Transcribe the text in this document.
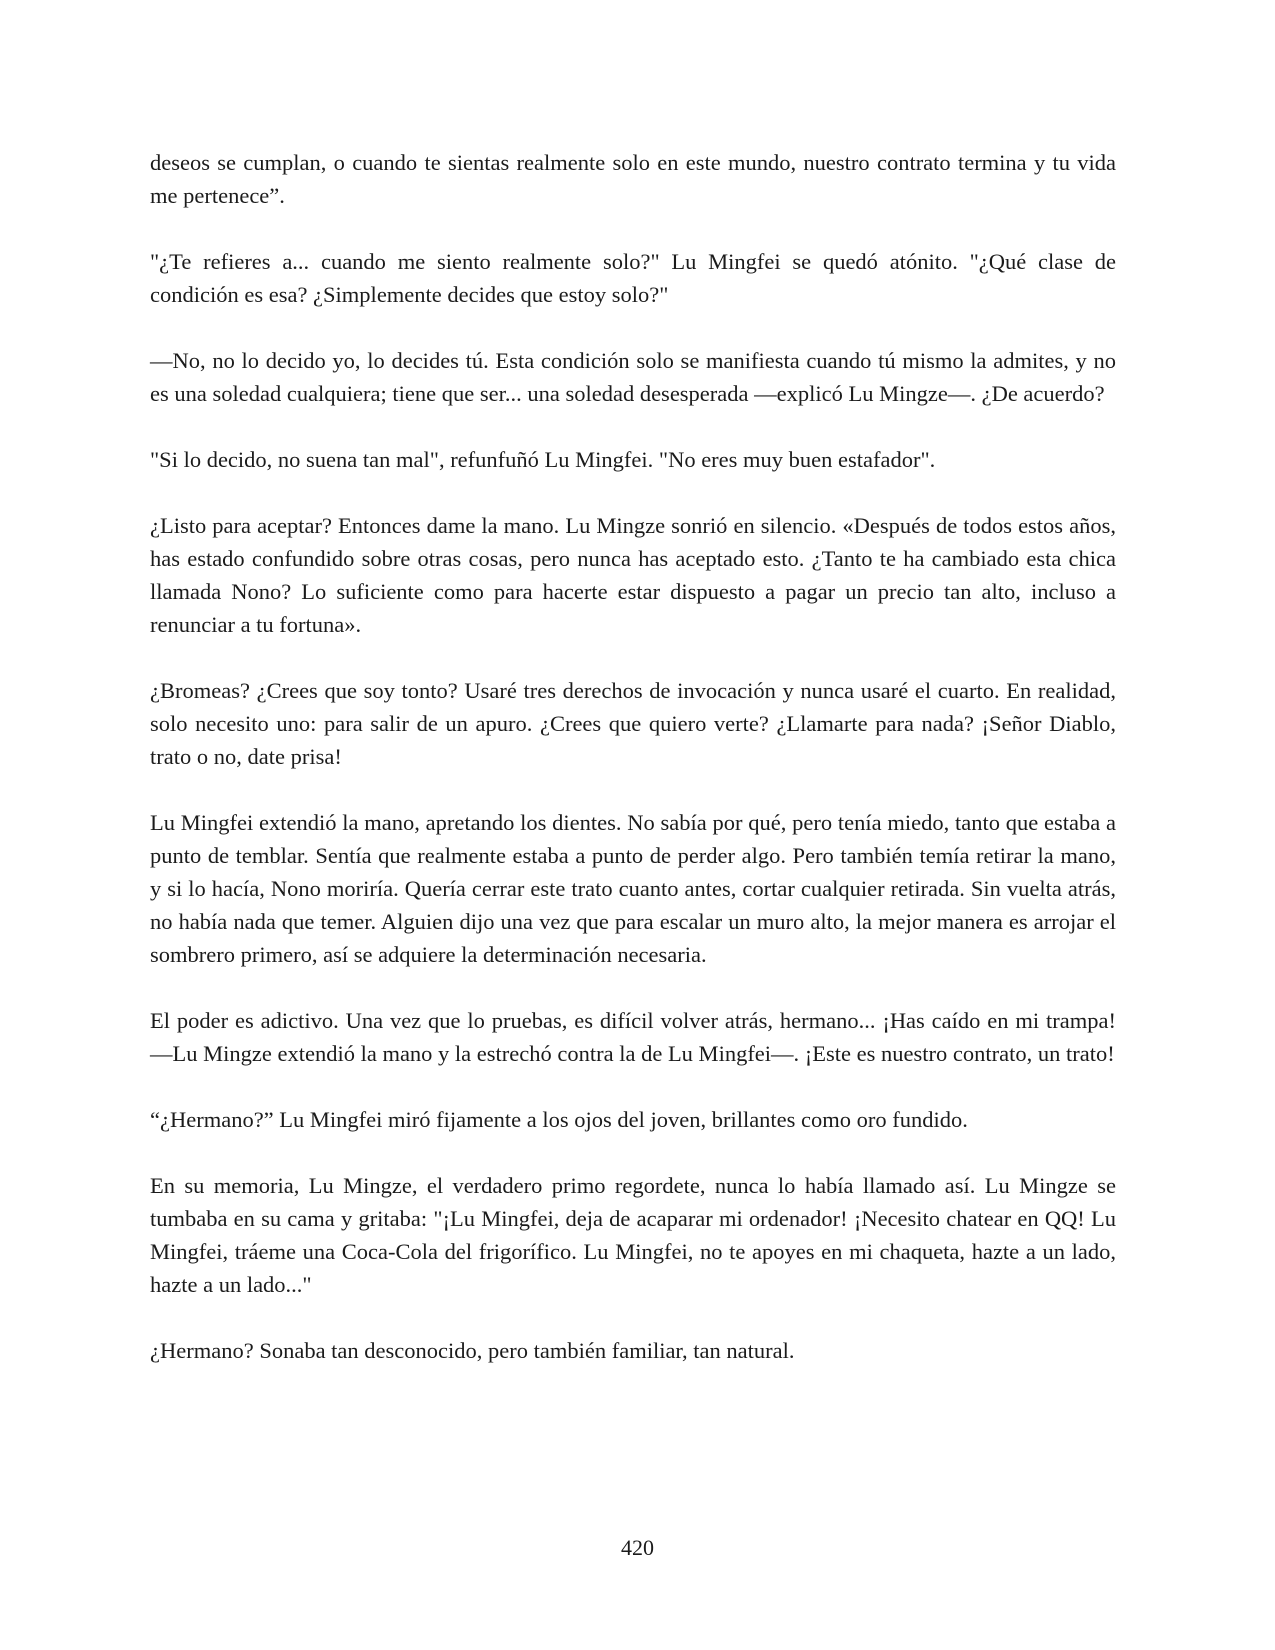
deseos se cumplan, o cuando te sientas realmente solo en este mundo, nuestro contrato termina y tu vida me pertenece”.

"¿Te refieres a... cuando me siento realmente solo?" Lu Mingfei se quedó atónito. "¿Qué clase de condición es esa? ¿Simplemente decides que estoy solo?"

—No, no lo decido yo, lo decides tú. Esta condición solo se manifiesta cuando tú mismo la admites, y no es una soledad cualquiera; tiene que ser... una soledad desesperada —explicó Lu Mingze—. ¿De acuerdo?

"Si lo decido, no suena tan mal", refunfuñó Lu Mingfei. "No eres muy buen estafador".

¿Listo para aceptar? Entonces dame la mano. Lu Mingze sonrió en silencio. «Después de todos estos años, has estado confundido sobre otras cosas, pero nunca has aceptado esto. ¿Tanto te ha cambiado esta chica llamada Nono? Lo suficiente como para hacerte estar dispuesto a pagar un precio tan alto, incluso a renunciar a tu fortuna».

¿Bromeas? ¿Crees que soy tonto? Usaré tres derechos de invocación y nunca usaré el cuarto. En realidad, solo necesito uno: para salir de un apuro. ¿Crees que quiero verte? ¿Llamarte para nada? ¡Señor Diablo, trato o no, date prisa!

Lu Mingfei extendió la mano, apretando los dientes. No sabía por qué, pero tenía miedo, tanto que estaba a punto de temblar. Sentía que realmente estaba a punto de perder algo. Pero también temía retirar la mano, y si lo hacía, Nono moriría. Quería cerrar este trato cuanto antes, cortar cualquier retirada. Sin vuelta atrás, no había nada que temer. Alguien dijo una vez que para escalar un muro alto, la mejor manera es arrojar el sombrero primero, así se adquiere la determinación necesaria.

El poder es adictivo. Una vez que lo pruebas, es difícil volver atrás, hermano... ¡Has caído en mi trampa! —Lu Mingze extendió la mano y la estrechó contra la de Lu Mingfei—. ¡Este es nuestro contrato, un trato!

“¿Hermano?” Lu Mingfei miró fijamente a los ojos del joven, brillantes como oro fundido.

En su memoria, Lu Mingze, el verdadero primo regordete, nunca lo había llamado así. Lu Mingze se tumbaba en su cama y gritaba: "¡Lu Mingfei, deja de acaparar mi ordenador! ¡Necesito chatear en QQ! Lu Mingfei, tráeme una Coca-Cola del frigorífico. Lu Mingfei, no te apoyes en mi chaqueta, hazte a un lado, hazte a un lado..."

¿Hermano? Sonaba tan desconocido, pero también familiar, tan natural.

420
